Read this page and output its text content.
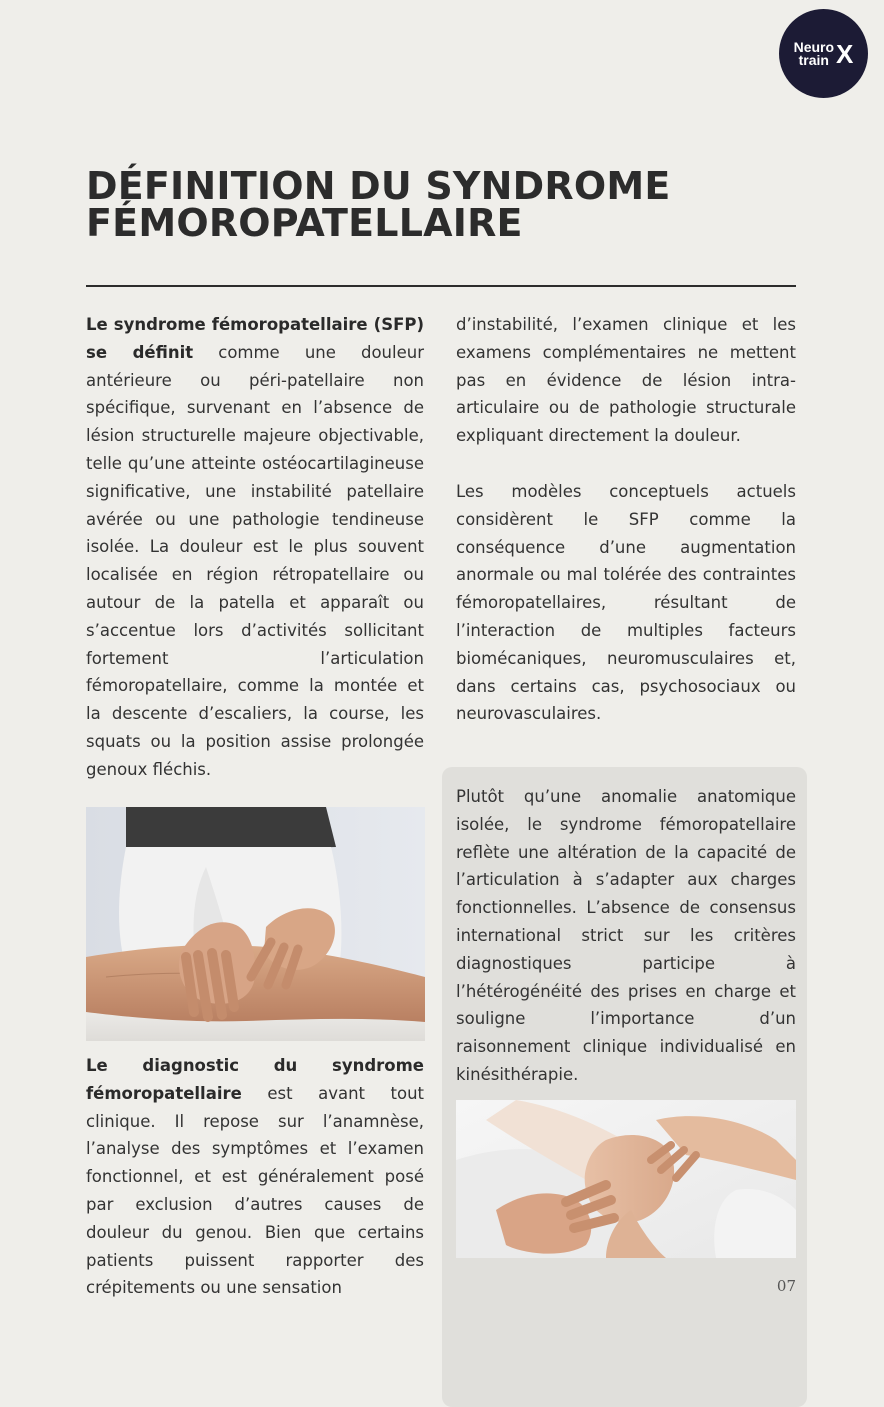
Neuro
train X
DÉFINITION DU SYNDROME
FÉMOROPATELLAIRE

Le syndrome fémoropatellaire (SFP) se définit comme une douleur antérieure ou péri-patellaire non spécifique, survenant en l’absence de lésion structurelle majeure objectivable, telle qu’une atteinte ostéocartilagineuse significative, une instabilité patellaire avérée ou une pathologie tendineuse isolée. La douleur est le plus souvent localisée en région rétropatellaire ou autour de la patella et apparaît ou s’accentue lors d’activités sollicitant fortement l’articulation fémoropatellaire, comme la montée et la descente d’escaliers, la course, les squats ou la position assise prolongée genoux fléchis.

Le diagnostic du syndrome fémoropatellaire est avant tout clinique. Il repose sur l’anamnèse, l’analyse des symptômes et l’examen fonctionnel, et est généralement posé par exclusion d’autres causes de douleur du genou. Bien que certains patients puissent rapporter des crépitements ou une sensation

d’instabilité, l’examen clinique et les examens complémentaires ne mettent pas en évidence de lésion intra-articulaire ou de pathologie structurale expliquant directement la douleur.

Les modèles conceptuels actuels considèrent le SFP comme la conséquence d’une augmentation anormale ou mal tolérée des contraintes fémoropatellaires, résultant de l’interaction de multiples facteurs biomécaniques, neuromusculaires et, dans certains cas, psychosociaux ou neurovasculaires.

Plutôt qu’une anomalie anatomique isolée, le syndrome fémoropatellaire reflète une altération de la capacité de l’articulation à s’adapter aux charges fonctionnelles. L’absence de consensus international strict sur les critères diagnostiques participe à l’hétérogénéité des prises en charge et souligne l’importance d’un raisonnement clinique individualisé en kinésithérapie.

07
